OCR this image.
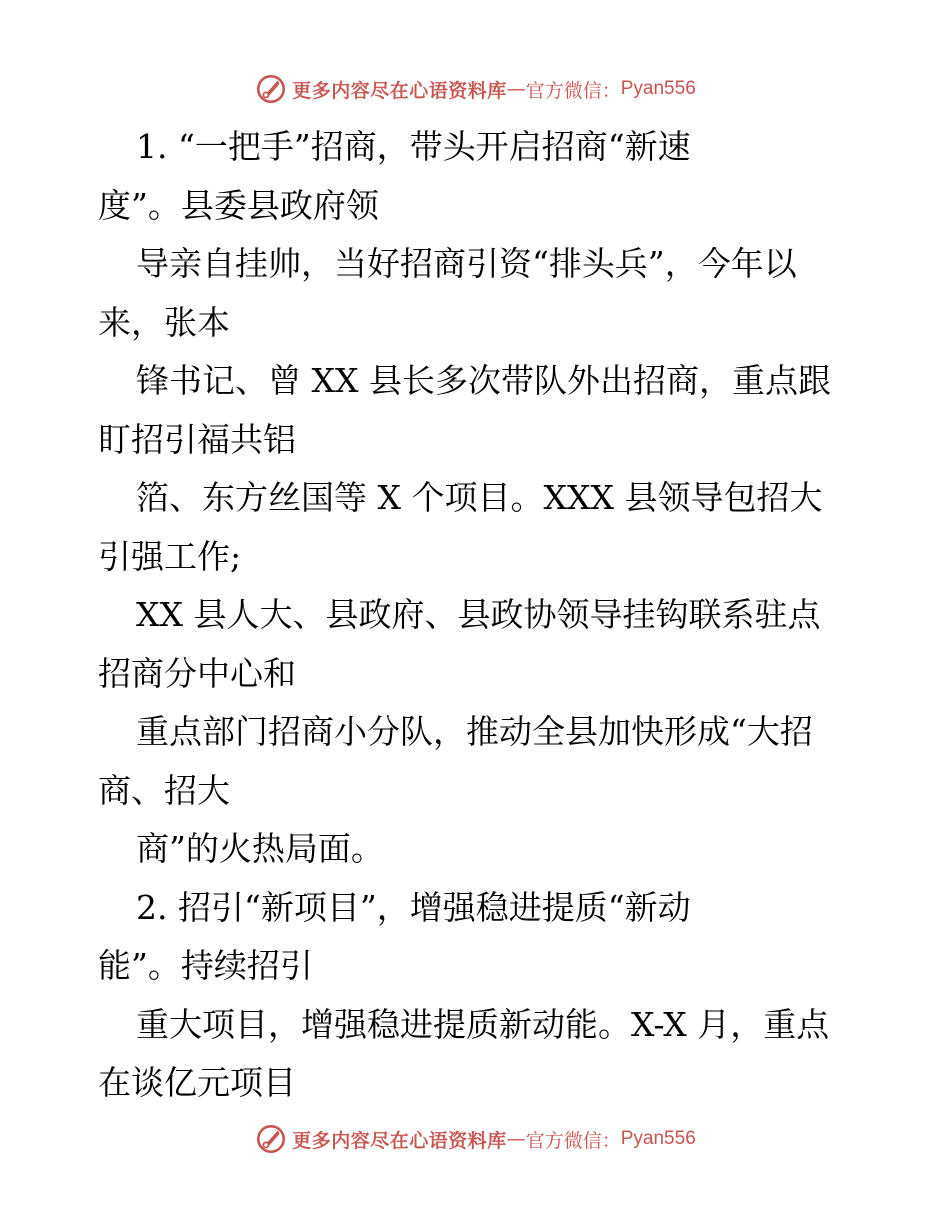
更多内容尽在心语资料库 — 官方微信： Pyan556
1. “一把手”招商，带头开启招商“新速
度”。县委县政府领
导亲自挂帅，当好招商引资“排头兵”，今年以
来，张本
锋书记、曾 XX 县长多次带队外出招商，重点跟
盯招引福共铝
箔、东方丝国等 X 个项目。XXX 县领导包招大
引强工作;
XX 县人大、县政府、县政协领导挂钩联系驻点
招商分中心和
重点部门招商小分队，推动全县加快形成“大招
商、招大
商”的火热局面。
2. 招引“新项目”，增强稳进提质“新动
能”。持续招引
重大项目，增强稳进提质新动能。X-X 月，重点
在谈亿元项目
更多内容尽在心语资料库 — 官方微信： Pyan556
